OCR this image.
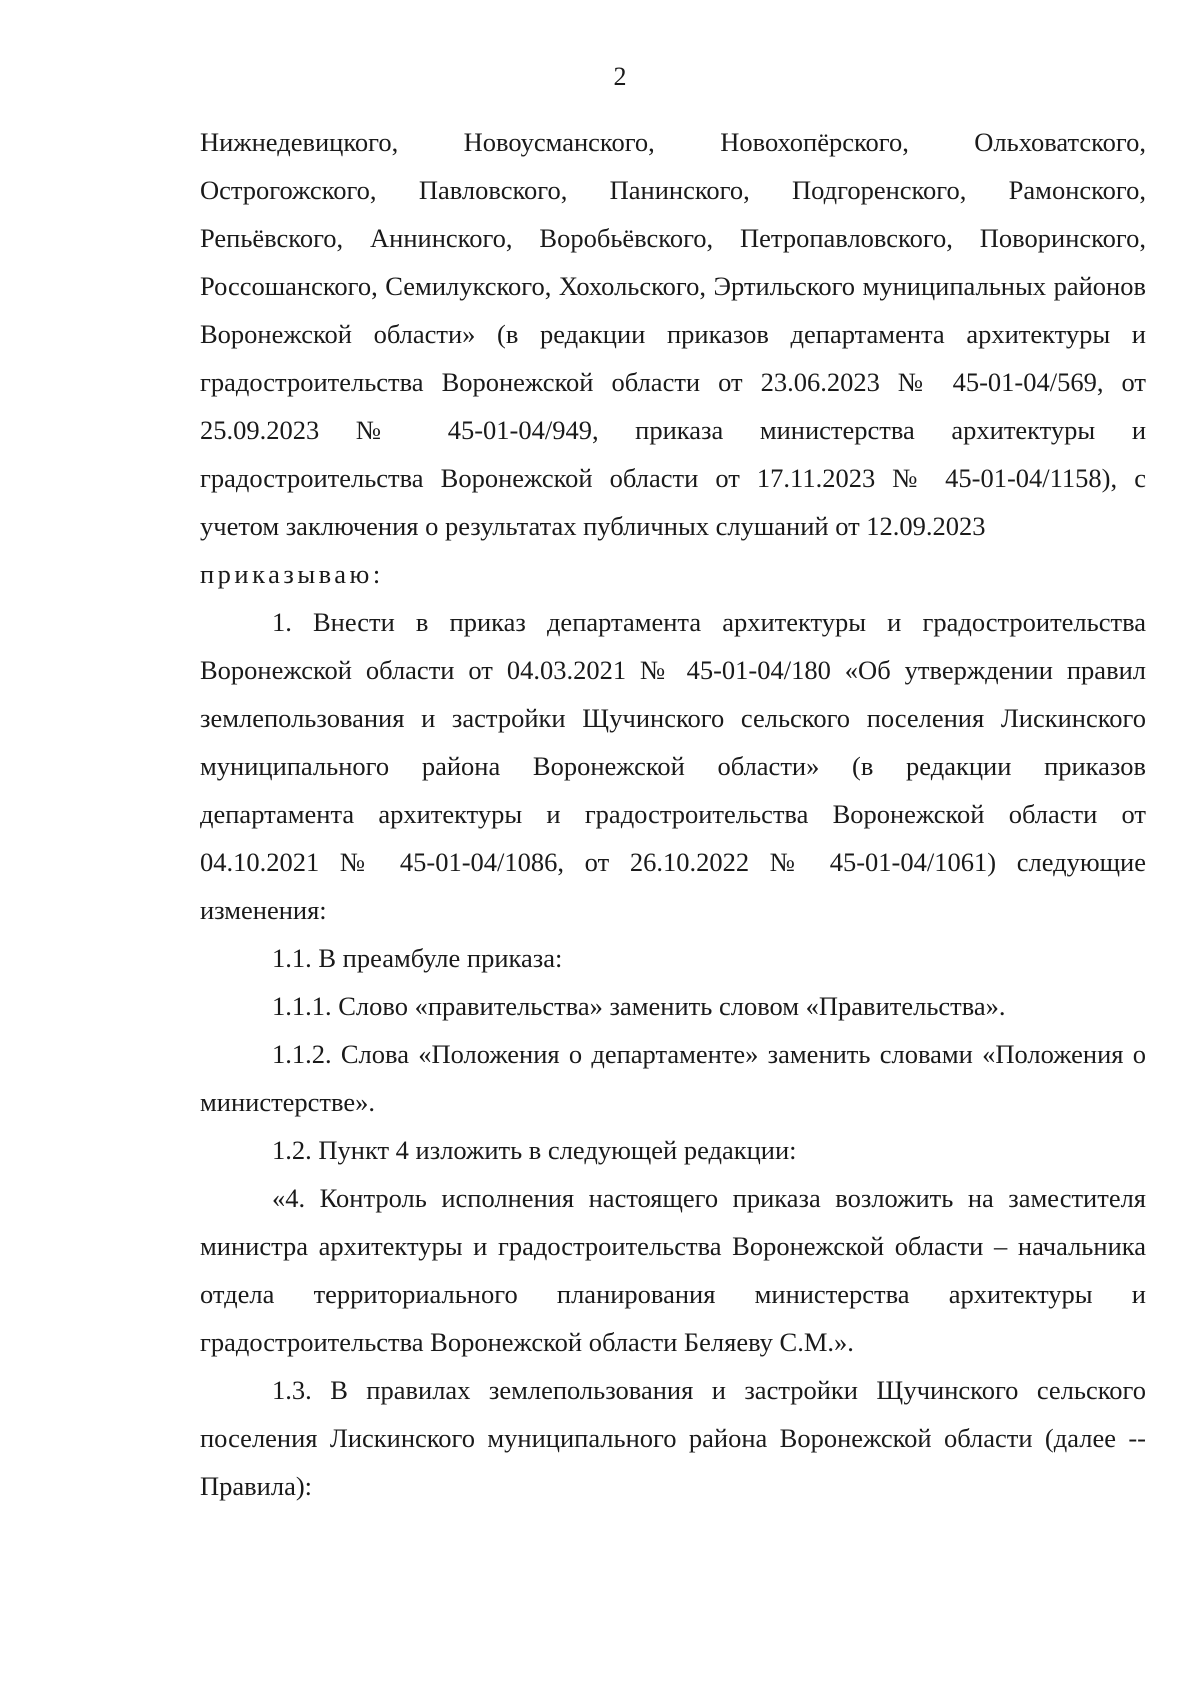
2

Нижнедевицкого, Новоусманского, Новохопёрского, Ольховатского, Острогожского, Павловского, Панинского, Подгоренского, Рамонского, Репьёвского, Аннинского, Воробьёвского, Петропавловского, Поворинского, Россошанского, Семилукского, Хохольского, Эртильского муниципальных районов Воронежской области» (в редакции приказов департамента архитектуры и градостроительства Воронежской области от 23.06.2023 № 45-01-04/569, от 25.09.2023 № 45-01-04/949, приказа министерства архитектуры и градостроительства Воронежской области от 17.11.2023 № 45-01-04/1158), с учетом заключения о результатах публичных слушаний от 12.09.2023

приказываю:

1. Внести в приказ департамента архитектуры и градостроительства Воронежской области от 04.03.2021 № 45-01-04/180 «Об утверждении правил землепользования и застройки Щучинского сельского поселения Лискинского муниципального района Воронежской области» (в редакции приказов департамента архитектуры и градостроительства Воронежской области от 04.10.2021 № 45-01-04/1086, от 26.10.2022 № 45-01-04/1061) следующие изменения:

1.1. В преамбуле приказа:

1.1.1. Слово «правительства» заменить словом «Правительства».

1.1.2. Слова «Положения о департаменте» заменить словами «Положения о министерстве».

1.2. Пункт 4 изложить в следующей редакции:

«4. Контроль исполнения настоящего приказа возложить на заместителя министра архитектуры и градостроительства Воронежской области – начальника отдела территориального планирования министерства архитектуры и градостроительства Воронежской области Беляеву С.М.».

1.3. В правилах землепользования и застройки Щучинского сельского поселения Лискинского муниципального района Воронежской области (далее -- Правила):
